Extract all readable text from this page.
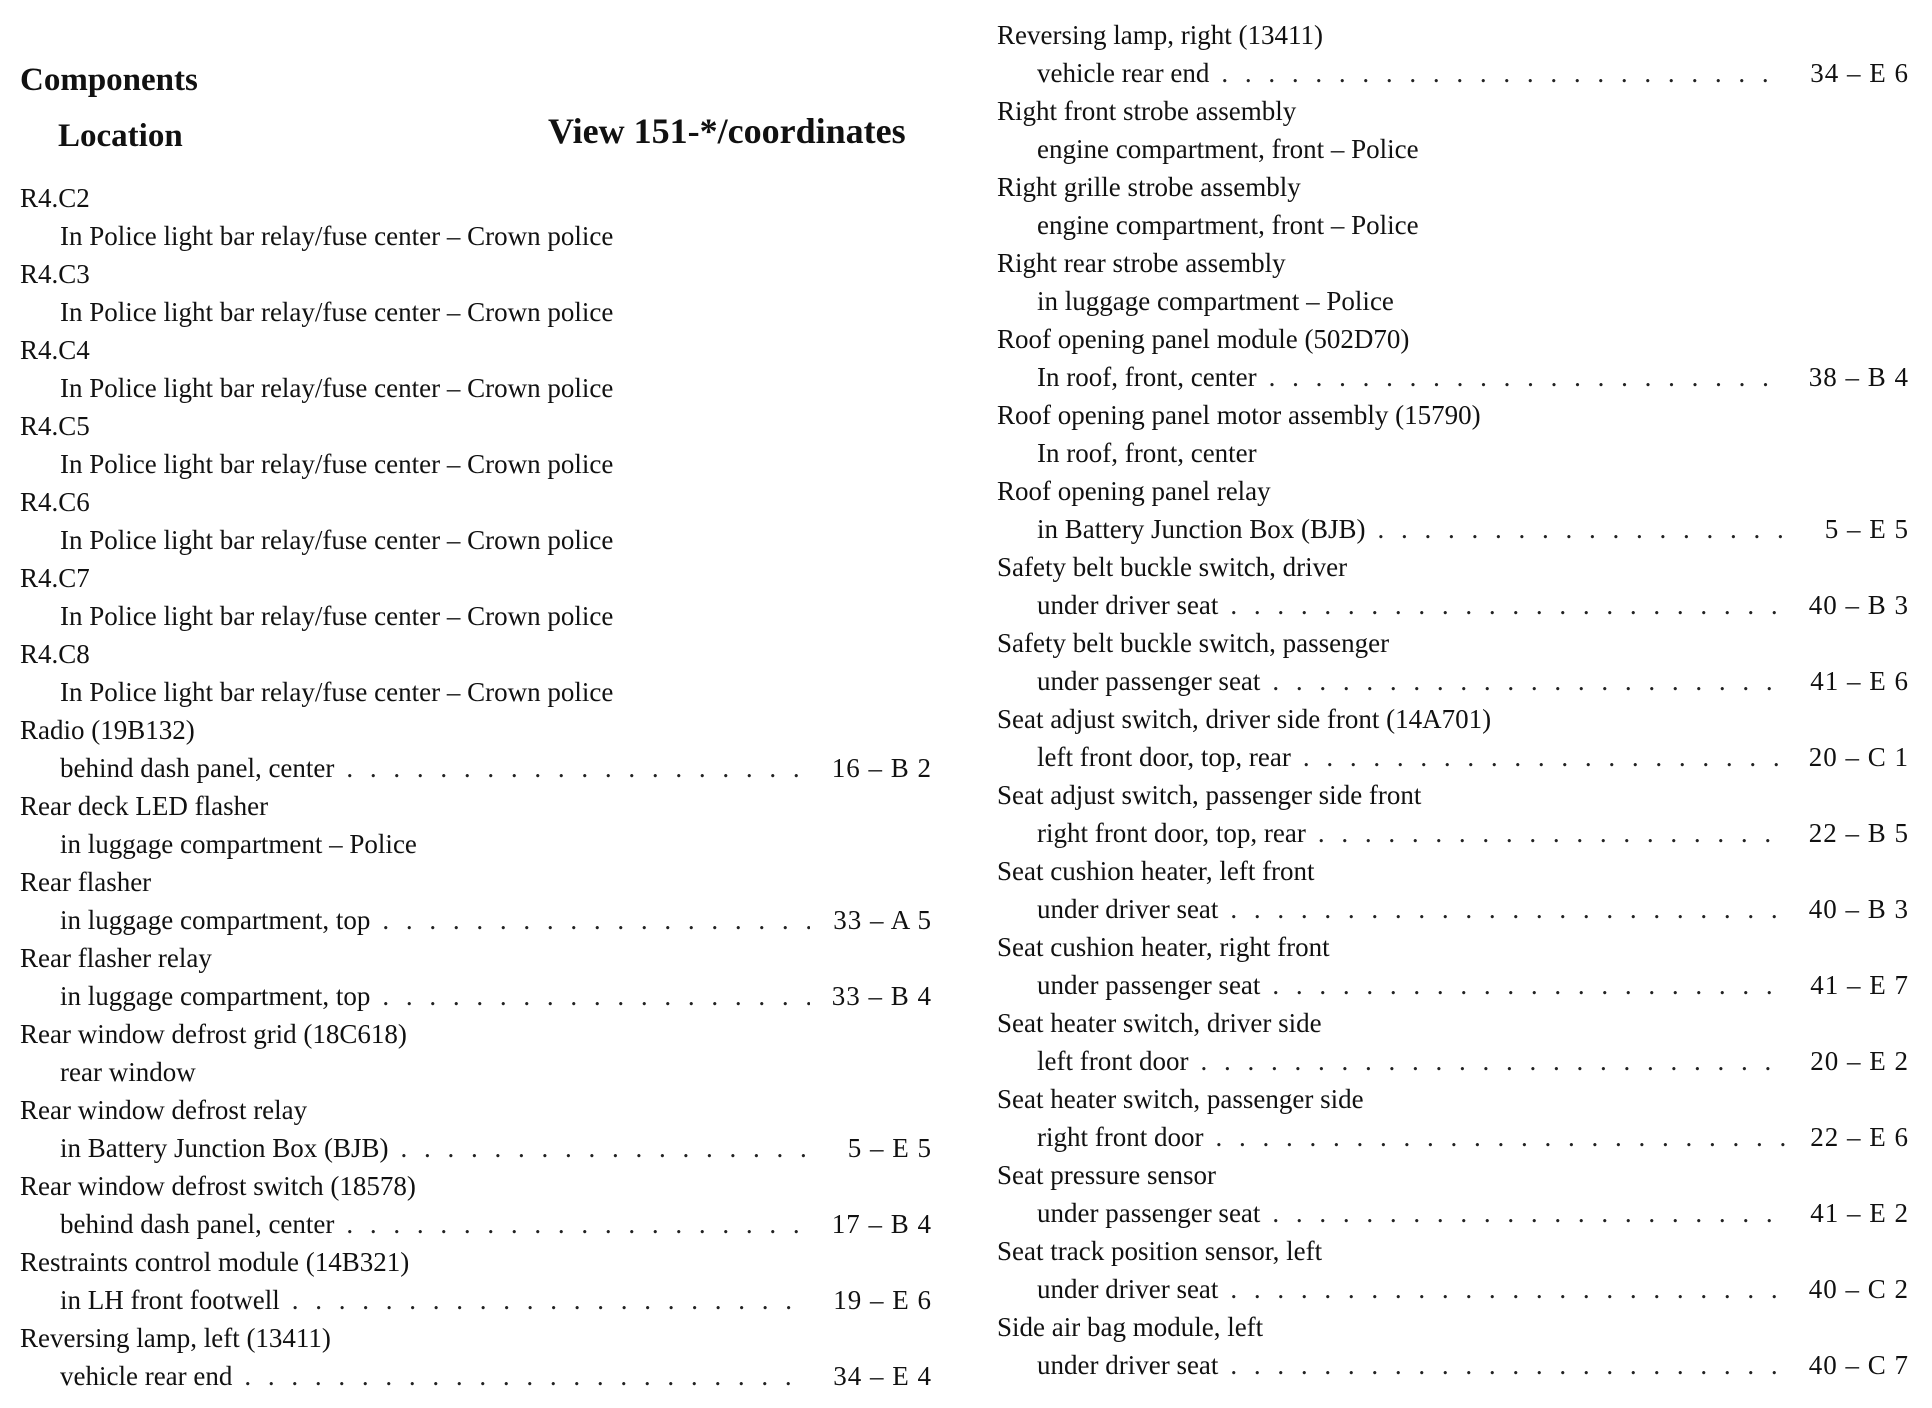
Components
Location	View 151-*/coordinates
R4.C2
In Police light bar relay/fuse center – Crown police
R4.C3
In Police light bar relay/fuse center – Crown police
R4.C4
In Police light bar relay/fuse center – Crown police
R4.C5
In Police light bar relay/fuse center – Crown police
R4.C6
In Police light bar relay/fuse center – Crown police
R4.C7
In Police light bar relay/fuse center – Crown police
R4.C8
In Police light bar relay/fuse center – Crown police
Radio (19B132)
behind dash panel, center . . .	16 – B 2
Rear deck LED flasher
in luggage compartment – Police
Rear flasher
in luggage compartment, top . . .	33 – A 5
Rear flasher relay
in luggage compartment, top . . .	33 – B 4
Rear window defrost grid (18C618)
rear window
Rear window defrost relay
in Battery Junction Box (BJB) . . .	5 – E 5
Rear window defrost switch (18578)
behind dash panel, center . . .	17 – B 4
Restraints control module (14B321)
in LH front footwell . . .	19 – E 6
Reversing lamp, left (13411)
vehicle rear end . . .	34 – E 4
Reversing lamp, right (13411)
vehicle rear end . . .	34 – E 6
Right front strobe assembly
engine compartment, front – Police
Right grille strobe assembly
engine compartment, front – Police
Right rear strobe assembly
in luggage compartment – Police
Roof opening panel module (502D70)
In roof, front, center . . .	38 – B 4
Roof opening panel motor assembly (15790)
In roof, front, center
Roof opening panel relay
in Battery Junction Box (BJB) . . .	5 – E 5
Safety belt buckle switch, driver
under driver seat . . .	40 – B 3
Safety belt buckle switch, passenger
under passenger seat . . .	41 – E 6
Seat adjust switch, driver side front (14A701)
left front door, top, rear . . .	20 – C 1
Seat adjust switch, passenger side front
right front door, top, rear . . .	22 – B 5
Seat cushion heater, left front
under driver seat . . .	40 – B 3
Seat cushion heater, right front
under passenger seat . . .	41 – E 7
Seat heater switch, driver side
left front door . . .	20 – E 2
Seat heater switch, passenger side
right front door . . .	22 – E 6
Seat pressure sensor
under passenger seat . . .	41 – E 2
Seat track position sensor, left
under driver seat . . .	40 – C 2
Side air bag module, left
under driver seat . . .	40 – C 7
